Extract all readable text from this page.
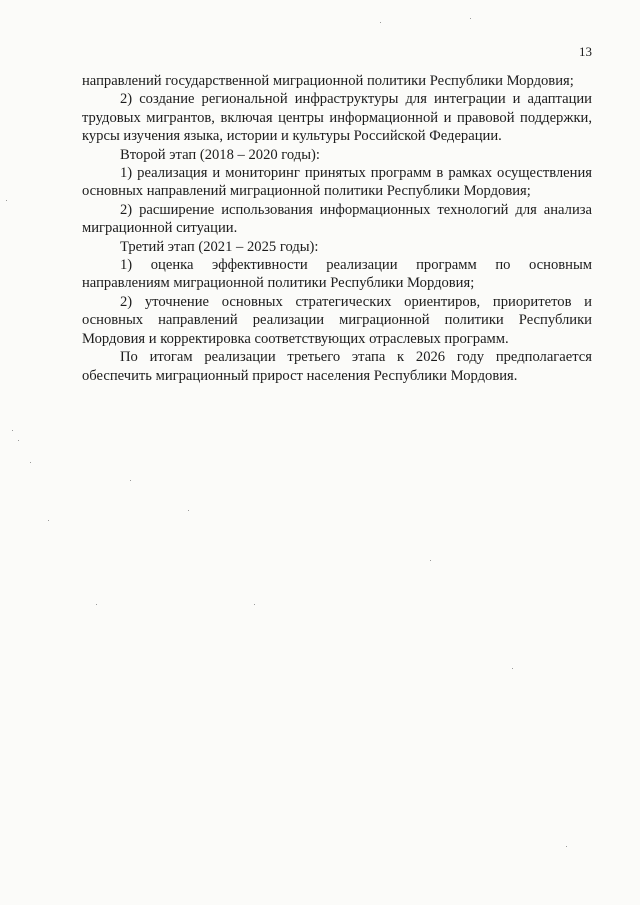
13

направлений государственной миграционной политики Республики Мордовия;

2) создание региональной инфраструктуры для интеграции и адаптации трудовых мигрантов, включая центры информационной и правовой поддержки, курсы изучения языка, истории и культуры Российской Федерации.

Второй этап (2018 – 2020 годы):

1) реализация и мониторинг принятых программ в рамках осуществления основных направлений миграционной политики Республики Мордовия;

2) расширение использования информационных технологий для анализа миграционной ситуации.

Третий этап (2021 – 2025 годы):

1) оценка эффективности реализации программ по основным направлениям миграционной политики Республики Мордовия;

2) уточнение основных стратегических ориентиров, приоритетов и основных направлений реализации миграционной политики Республики Мордовия и корректировка соответствующих отраслевых программ.

По итогам реализации третьего этапа к 2026 году предполагается обеспечить миграционный прирост населения Республики Мордовия.
